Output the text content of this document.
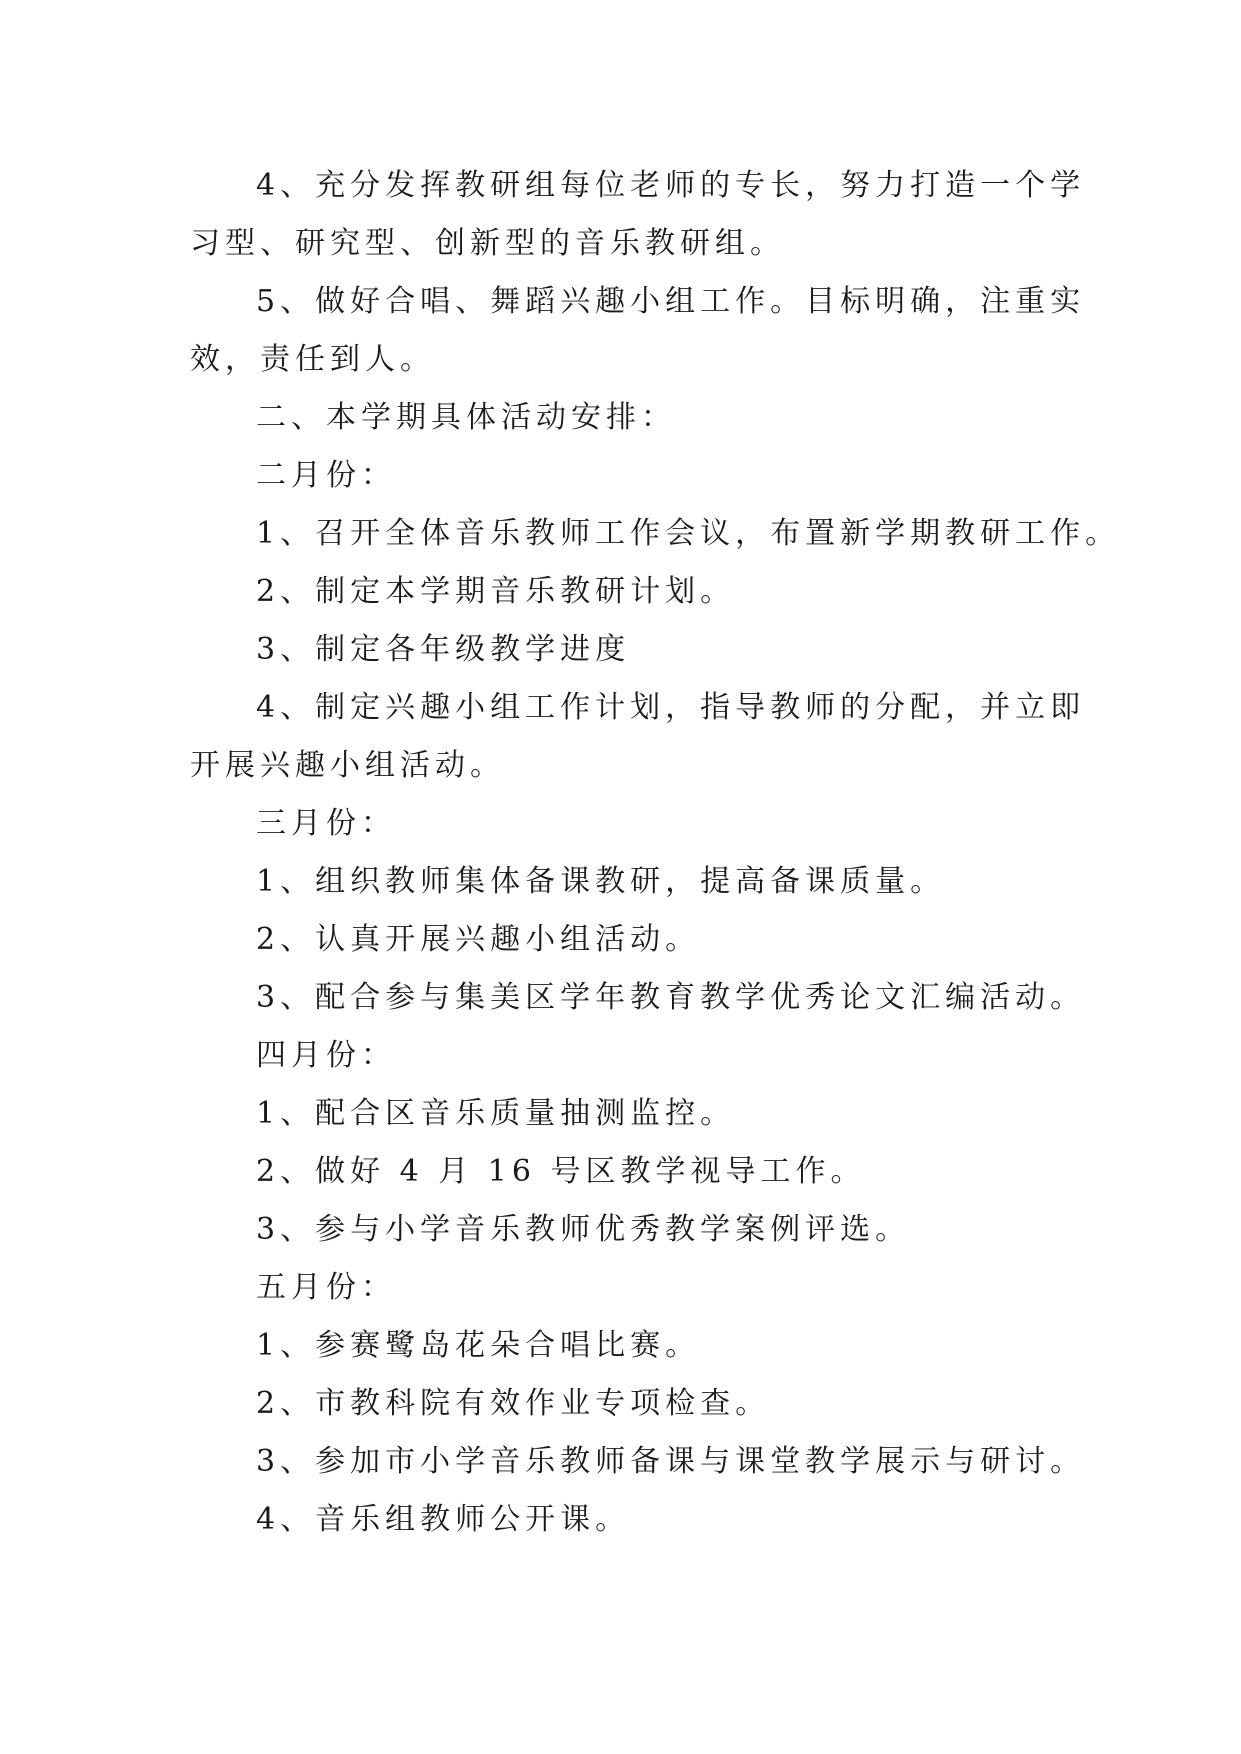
4、充分发挥教研组每位老师的专长，努力打造一个学
习型、研究型、创新型的音乐教研组。
5、做好合唱、舞蹈兴趣小组工作。目标明确，注重实
效，责任到人。
二、本学期具体活动安排：
二月份：
1、召开全体音乐教师工作会议，布置新学期教研工作。
2、制定本学期音乐教研计划。
3、制定各年级教学进度
4、制定兴趣小组工作计划，指导教师的分配，并立即
开展兴趣小组活动。
三月份：
1、组织教师集体备课教研，提高备课质量。
2、认真开展兴趣小组活动。
3、配合参与集美区学年教育教学优秀论文汇编活动。
四月份：
1、配合区音乐质量抽测监控。
2、做好 4 月 16 号区教学视导工作。
3、参与小学音乐教师优秀教学案例评选。
五月份：
1、参赛鹭岛花朵合唱比赛。
2、市教科院有效作业专项检查。
3、参加市小学音乐教师备课与课堂教学展示与研讨。
4、音乐组教师公开课。
